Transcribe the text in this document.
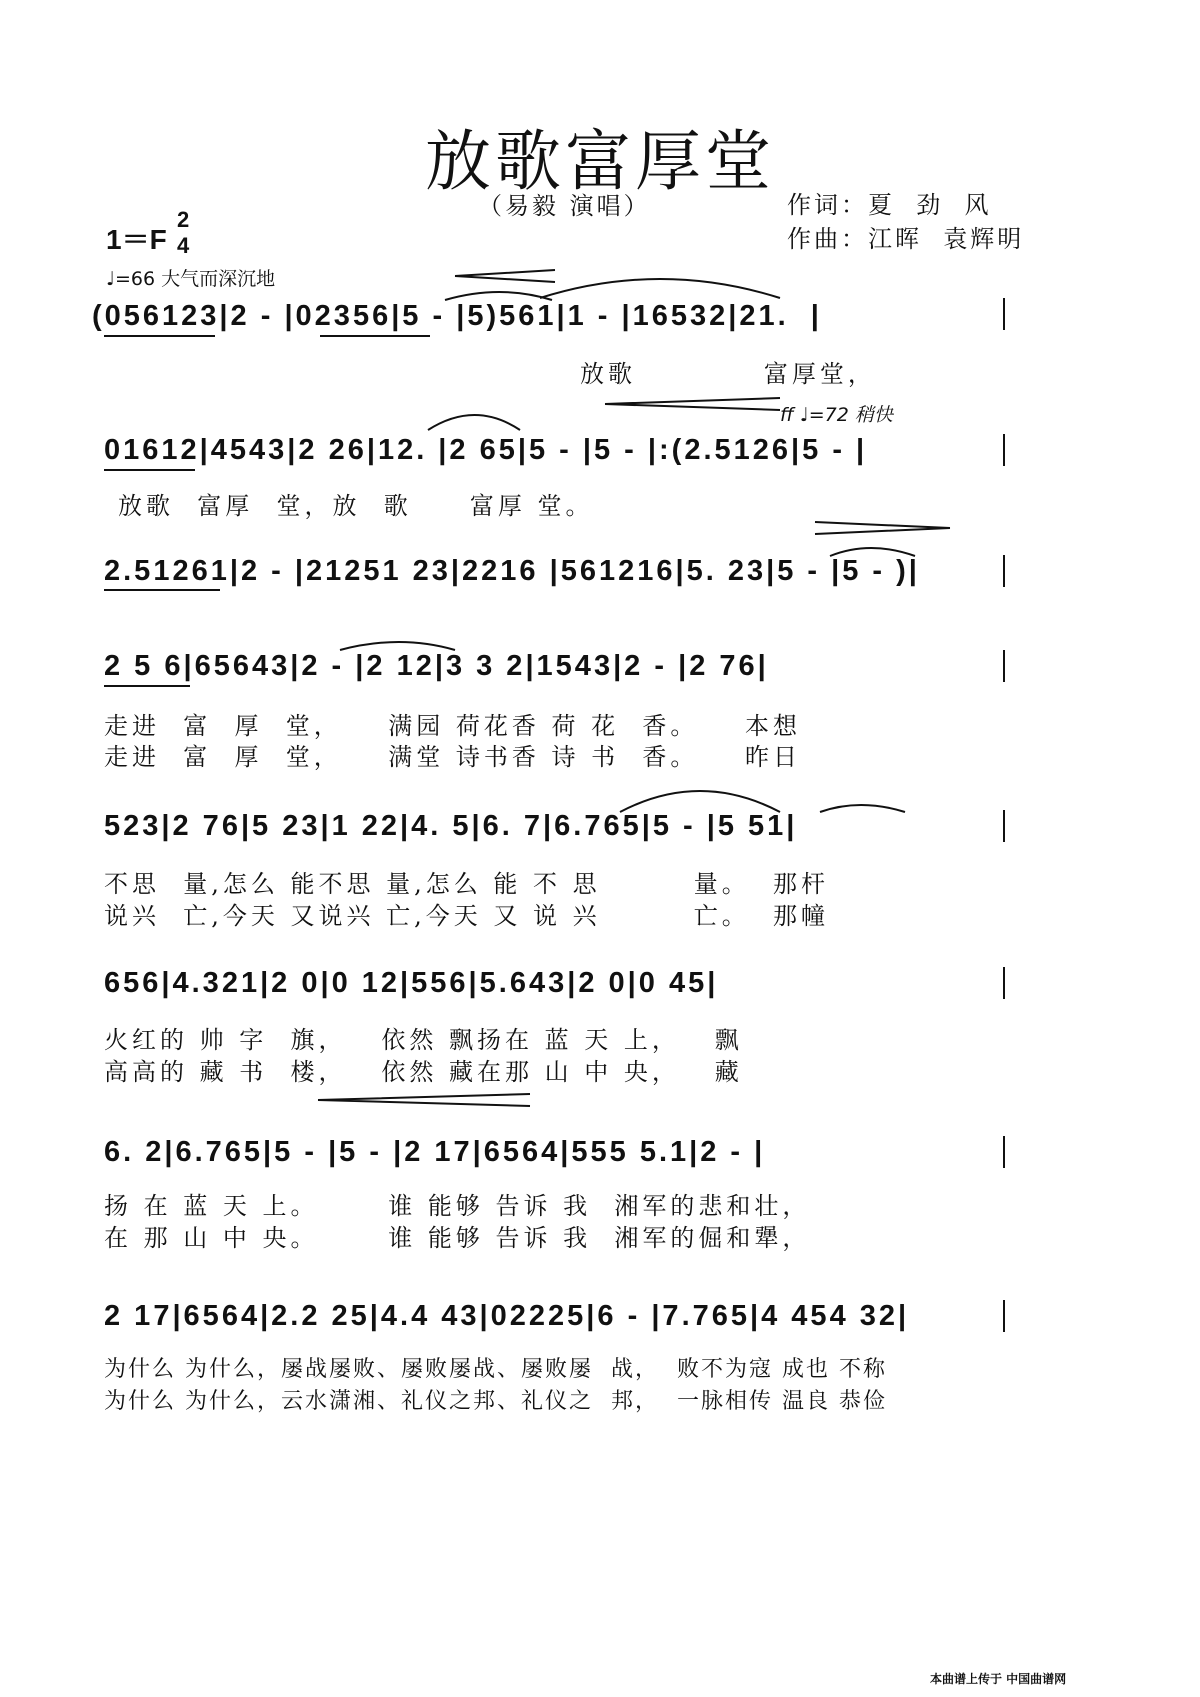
放歌富厚堂
（易毅 演唱）	作词：夏  劲  风
作曲：江晖  袁辉明
1＝F
2
4
♩=66 大气而深沉地
ff ♩=72 稍快
(056123|2 - |02356|5 - |5)561|1 - |16532|21.  |
放歌           富厚堂，
01612|4543|2 26|12. |2 65|5 - |5 - |:(2.5126|5 - |
放歌  富厚  堂，放  歌     富厚 堂。
2.51261|2 - |21251 23|2216 |561216|5. 23|5 - |5 - )|
2 5 6|65643|2 - |2 12|3 3 2|1543|2 - |2 76|
走进  富  厚  堂，    满园 荷花香 荷 花  香。    本想
走进  富  厚  堂，    满堂 诗书香 诗 书  香。    昨日
523|2 76|5 23|1 22|4. 5|6. 7|6.765|5 - |5 51|
不思  量,怎么 能不思 量,怎么 能 不 思        量。  那杆
说兴  亡,今天 又说兴 亡,今天 又 说 兴        亡。  那幢
656|4.321|2 0|0 12|556|5.643|2 0|0 45|
火红的 帅 字  旗，   依然 飘扬在 蓝 天 上，   飘
高高的 藏 书  楼，   依然 藏在那 山 中 央，   藏
6. 2|6.765|5 - |5 - |2 17|6564|555 5.1|2 - |
扬 在 蓝 天 上。      谁 能够 告诉 我  湘军的悲和壮，
在 那 山 中 央。      谁 能够 告诉 我  湘军的倔和犟，
2 17|6564|2.2 25|4.4 43|02225|6 - |7.765|4 454 32|
为什么 为什么，屡战屡败、屡败屡战、屡败屡  战，  败不为寇 成也 不称
为什么 为什么，云水潇湘、礼仪之邦、礼仪之  邦，  一脉相传 温良 恭俭
本曲谱上传于 中国曲谱网
